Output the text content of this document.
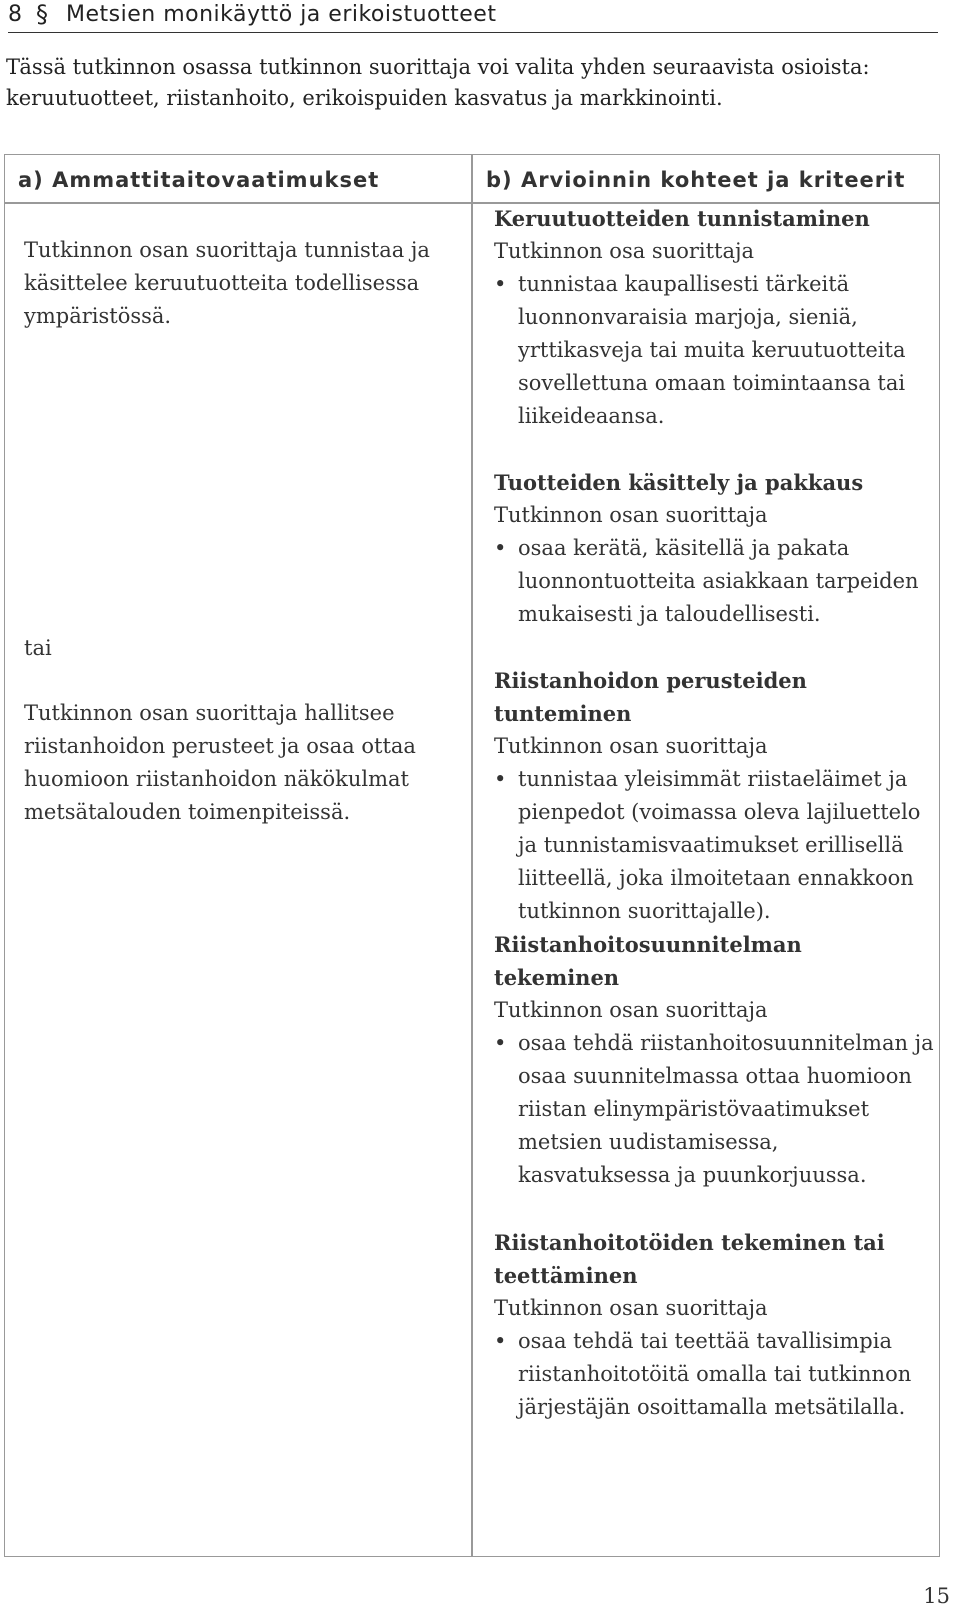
8 § Metsien monikäyttö ja erikoistuotteet
Tässä tutkinnon osassa tutkinnon suorittaja voi valita yhden seuraavista osioista: keruutuotteet, riistanhoito, erikoispuiden kasvatus ja markkinointi.
a) Ammattitaitovaatimukset	b) Arvioinnin kohteet ja kriteerit
Tutkinnon osan suorittaja tunnistaa ja käsittelee keruutuotteita todellisessa ympäristössä.
tai
Tutkinnon osan suorittaja hallitsee riistanhoidon perusteet ja osaa ottaa huomioon riistanhoidon näkökulmat metsätalouden toimenpiteissä.
Keruutuotteiden tunnistaminen
Tutkinnon osa suorittaja
• tunnistaa kaupallisesti tärkeitä luonnonvaraisia marjoja, sieniä, yrttikasveja tai muita keruutuotteita sovellettuna omaan toimintaansa tai liikeideaansa.
Tuotteiden käsittely ja pakkaus
Tutkinnon osan suorittaja
• osaa kerätä, käsitellä ja pakata luonnontuotteita asiakkaan tarpeiden mukaisesti ja taloudellisesti.
Riistanhoidon perusteiden tunteminen
Tutkinnon osan suorittaja
• tunnistaa yleisimmät riistaeläimet ja pienpedot (voimassa oleva lajiluettelo ja tunnistamisvaatimukset erillisellä liitteellä, joka ilmoitetaan ennakkoon tutkinnon suorittajalle).
Riistanhoitosuunnitelman tekeminen
Tutkinnon osan suorittaja
• osaa tehdä riistanhoitosuunnitelman ja osaa suunnitelmassa ottaa huomioon riistan elinympäristövaatimukset metsien uudistamisessa, kasvatuksessa ja puunkorjuussa.
Riistanhoitotöiden tekeminen tai teettäminen
Tutkinnon osan suorittaja
• osaa tehdä tai teettää tavallisimpia riistanhoitotöitä omalla tai tutkinnon järjestäjän osoittamalla metsätilalla.
15
